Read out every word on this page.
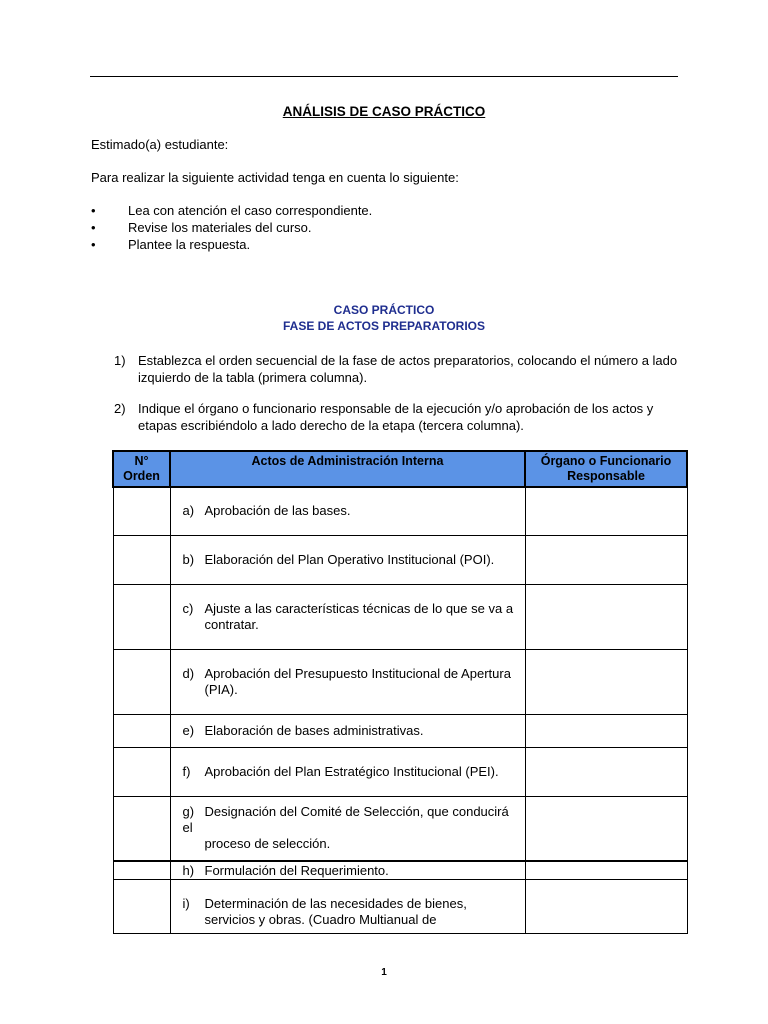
ANÁLISIS DE CASO PRÁCTICO
Estimado(a) estudiante:
Para realizar la siguiente actividad tenga en cuenta lo siguiente:
•	Lea con atención el caso correspondiente.
•	Revise los materiales del curso.
•	Plantee la respuesta.
CASO PRÁCTICO
FASE DE ACTOS PREPARATORIOS
1) Establezca el orden secuencial de la fase de actos preparatorios, colocando el número a lado izquierdo de la tabla (primera columna).
2) Indique el órgano o funcionario responsable de la ejecución y/o aprobación de los actos y etapas escribiéndolo a lado derecho de la etapa (tercera columna).
N° Orden	Actos de Administración Interna	Órgano o Funcionario Responsable

	a) Aprobación de las bases.	

	b) Elaboración del Plan Operativo Institucional (POI).	

	c) Ajuste a las características técnicas de lo que se va a
contratar.	

	d) Aprobación del Presupuesto Institucional de Apertura
(PIA).	

	e) Elaboración de bases administrativas.	

	f) Aprobación del Plan Estratégico Institucional (PEI).	

	g) Designación del Comité de Selección, que conducirá el
proceso de selección.	

	h) Formulación del Requerimiento.	

	i) Determinación de las necesidades de bienes,
servicios y obras. (Cuadro Multianual de	

1
